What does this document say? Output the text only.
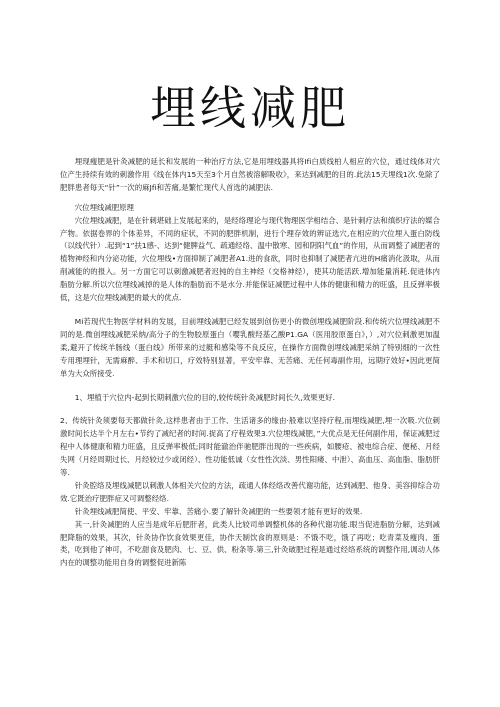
埋线减肥

埋现瘦肥是针灸减肥的延长和发展的一种治疗方法,它是用埋线器具将Ifi白质线柏人相应的穴位，通过线体对穴位产生持续有效的刺激作用《线在体内15天至3个月自然被溶解吸收》，来达到减肥的目的.此法15天埋线1次.免除了肥胖患者每天“针”一次的麻Jfi和苦痛,是繁忙现代人首选的减肥法.

穴位埋线减肥原理

穴位埋线减肥，是在针刺堪础上发展起来的，是经络理论与现代物理医学相结合、是针刺疗法和缜织疗法的媒合产物。依据卷界的个体差异，不同的症状，不同的肥胖机制，进行个理存效的辨证选穴,在相应的穴位埋入蛋白防线（以线代针）.起到“1”扶1感-、达到“健脾益气、疏通经络、温中散寒、园和阴阳气血”的作用，从而调整了减肥者的植物神经和内分泌功能，穴位埋线•方面抑制了减肥者A1.进的食欲，同时也抑制了减肥者亢进的H痛消化汲取，从而削减能的的报入。另一方面它可以刺激减肥者迟钝的自主神经（交格神经），使其功能活跃.增加能量消耗.促进体内脂肪分解.所以穴位埋线减掉的是人体的脂肪而不是水分.并能保证减肥过程中人体的健康和精力的旺盛，且反弹率极低，这是穴位埋线减肥的最大的优点.

Mi若现代生物医学材料的发展，目前埋线减肥已经发展到创伤更小的微创埋线减肥阶段.和传统穴位埋线减肥不同的是.微创埋线减肥采纳/高分子的生物胶原蛋白（嘤乳酸羟基乙酸P1.GA（医用胶原蛋白》，）,对穴位刺激更加温柔,避开了传统羊肠线（蛋白线》所带来的过艇和感染等不良反应，在操作方面微创埋线减肥采纳了特别细的一次性专用理埋针，无需麻醉、手术和切口，疗效特别显著，平安牢靠、无苦痛、无任何毒副作用，远期疗效好•因此更简单为大众所接受.

1、埋植于穴位内-起到长期刺激穴位的目的,较传统针灸减肥时间长久,效果更好.

2、传统针灸须要每天都做针灸,这样患者由于工作、生活诸多的缘由·般难以坚持疗程,而埋线减肥,埋一次吸.穴位刺激时间长达半个月左右•节约了减纪者的时间.捉高了疗程效果3.穴位埋线减肥，”大优点是无任何副作用，保证减肥过程中人体健康和精力旺盛，且反弹率极低;同时能澈治伴驰肥胖出现的一些疾病，如腰疮、被电综合症、便秘、月经失网（月经周期过长、月经较过少或闭经）、性功能低诚（女性性次淡、男性阳痿、中泄）、高血压、高血脂、脂肪肝等.

针灸腔络及埋线减肥以刺激人体相关穴位的方法，疏通人体经络改善代谢功能，达到减肥、他身、美容抑综合功效.它既治疗肥胖症又可调整经络.

针灸埋线减肥简使、平安、牢靠、苦痛小.要了解针灸减肥的一些要领才能有更好的效果.

其一,针灸减肥的人应当是成年后肥肝者，此类人比较司单调整机体的各种代谢功能.眼当促进脂肪分解，达到减肥降脂的效果，其次，针灸协作饮食效果更佳，协作天制饮食的原则是：不饿不吃，饿了再吃；吃青菜及瘦肉、蛋类，吃到他了神可，不吃甜食及肥肉、七、豆、供、粉条等.第三,针灸破肥过程是通过经络系统的调整作用,调动人体内在的调整功能用自身的调整促进新陈
